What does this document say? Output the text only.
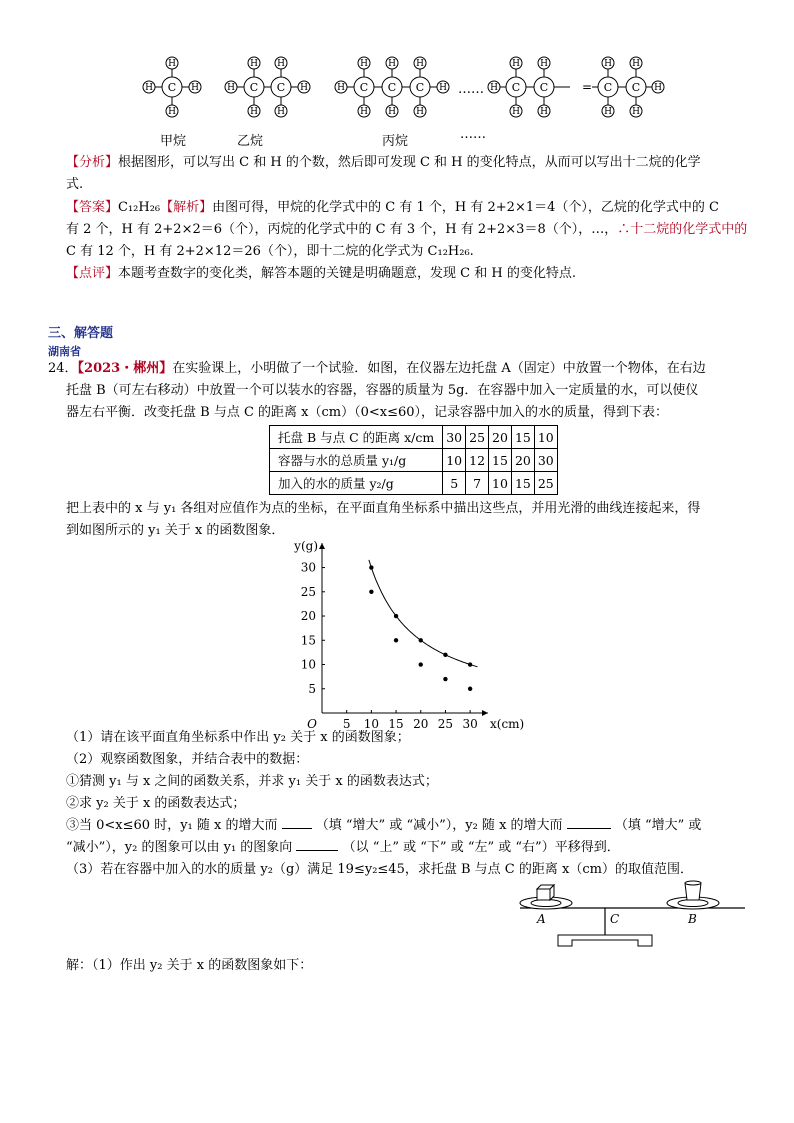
H
H
C
H	H
H
H
C
H
H
C
H	H
H
H
C
H
H
C
H
H
C
H	H	=
H
H
C
H
H
C
H
H
C
H
H
C
H	H
……
甲烷	乙烷	丙烷	……
【分析】根据图形，可以写出 C 和 H 的个数，然后即可发现 C 和 H 的变化特点，从而可以写出十二烷的化学
式.
【答案】C₁₂H₂₆【解析】由图可得，甲烷的化学式中的 C 有 1 个，H 有 2+2×1＝4（个），乙烷的化学式中的 C
有 2 个，H 有 2+2×2＝6（个），丙烷的化学式中的 C 有 3 个，H 有 2+2×3＝8（个），…，∴十二烷的化学式中的
C 有 12 个，H 有 2+2×12＝26（个），即十二烷的化学式为 C₁₂H₂₆.
【点评】本题考查数字的变化类，解答本题的关键是明确题意，发现 C 和 H 的变化特点.
三、解答题
湖南省
24．【2023・郴州】在实验课上，小明做了一个试验．如图，在仪器左边托盘 A（固定）中放置一个物体，在右边
托盘 B（可左右移动）中放置一个可以装水的容器，容器的质量为 5g．在容器中加入一定质量的水，可以使仪
器左右平衡．改变托盘 B 与点 C 的距离 x（cm）（0<x≤60），记录容器中加入的水的质量，得到下表：
托盘 B 与点 C 的距离 x/cm	30	25	20	15	10
容器与水的总质量 y₁/g	10	12	15	20	30
加入的水的质量 y₂/g	5	7	10	15	25
把上表中的 x 与 y₁ 各组对应值作为点的坐标，在平面直角坐标系中描出这些点，并用光滑的曲线连接起来，得
到如图所示的 y₁ 关于 x 的函数图象．
5 10 15 20 25 30
5
10
15
20
25
30
O	x(cm)
y(g)
（1）请在该平面直角坐标系中作出 y₂ 关于 x 的函数图象；
（2）观察函数图象，并结合表中的数据：
①猜测 y₁ 与 x 之间的函数关系，并求 y₁ 关于 x 的函数表达式；
②求 y₂ 关于 x 的函数表达式；
③当 0<x≤60 时，y₁ 随 x 的增大而	（填 “增大” 或 “减小”），y₂ 随 x 的增大而	（填 “增大” 或
“减小”），y₂ 的图象可以由 y₁ 的图象向	（以 “上” 或 “下” 或 “左” 或 “右”）平移得到．
（3）若在容器中加入的水的质量 y₂（g）满足 19≤y₂≤45，求托盘 B 与点 C 的距离 x（cm）的取值范围．
A	C	B
解：（1）作出 y₂ 关于 x 的函数图象如下：
